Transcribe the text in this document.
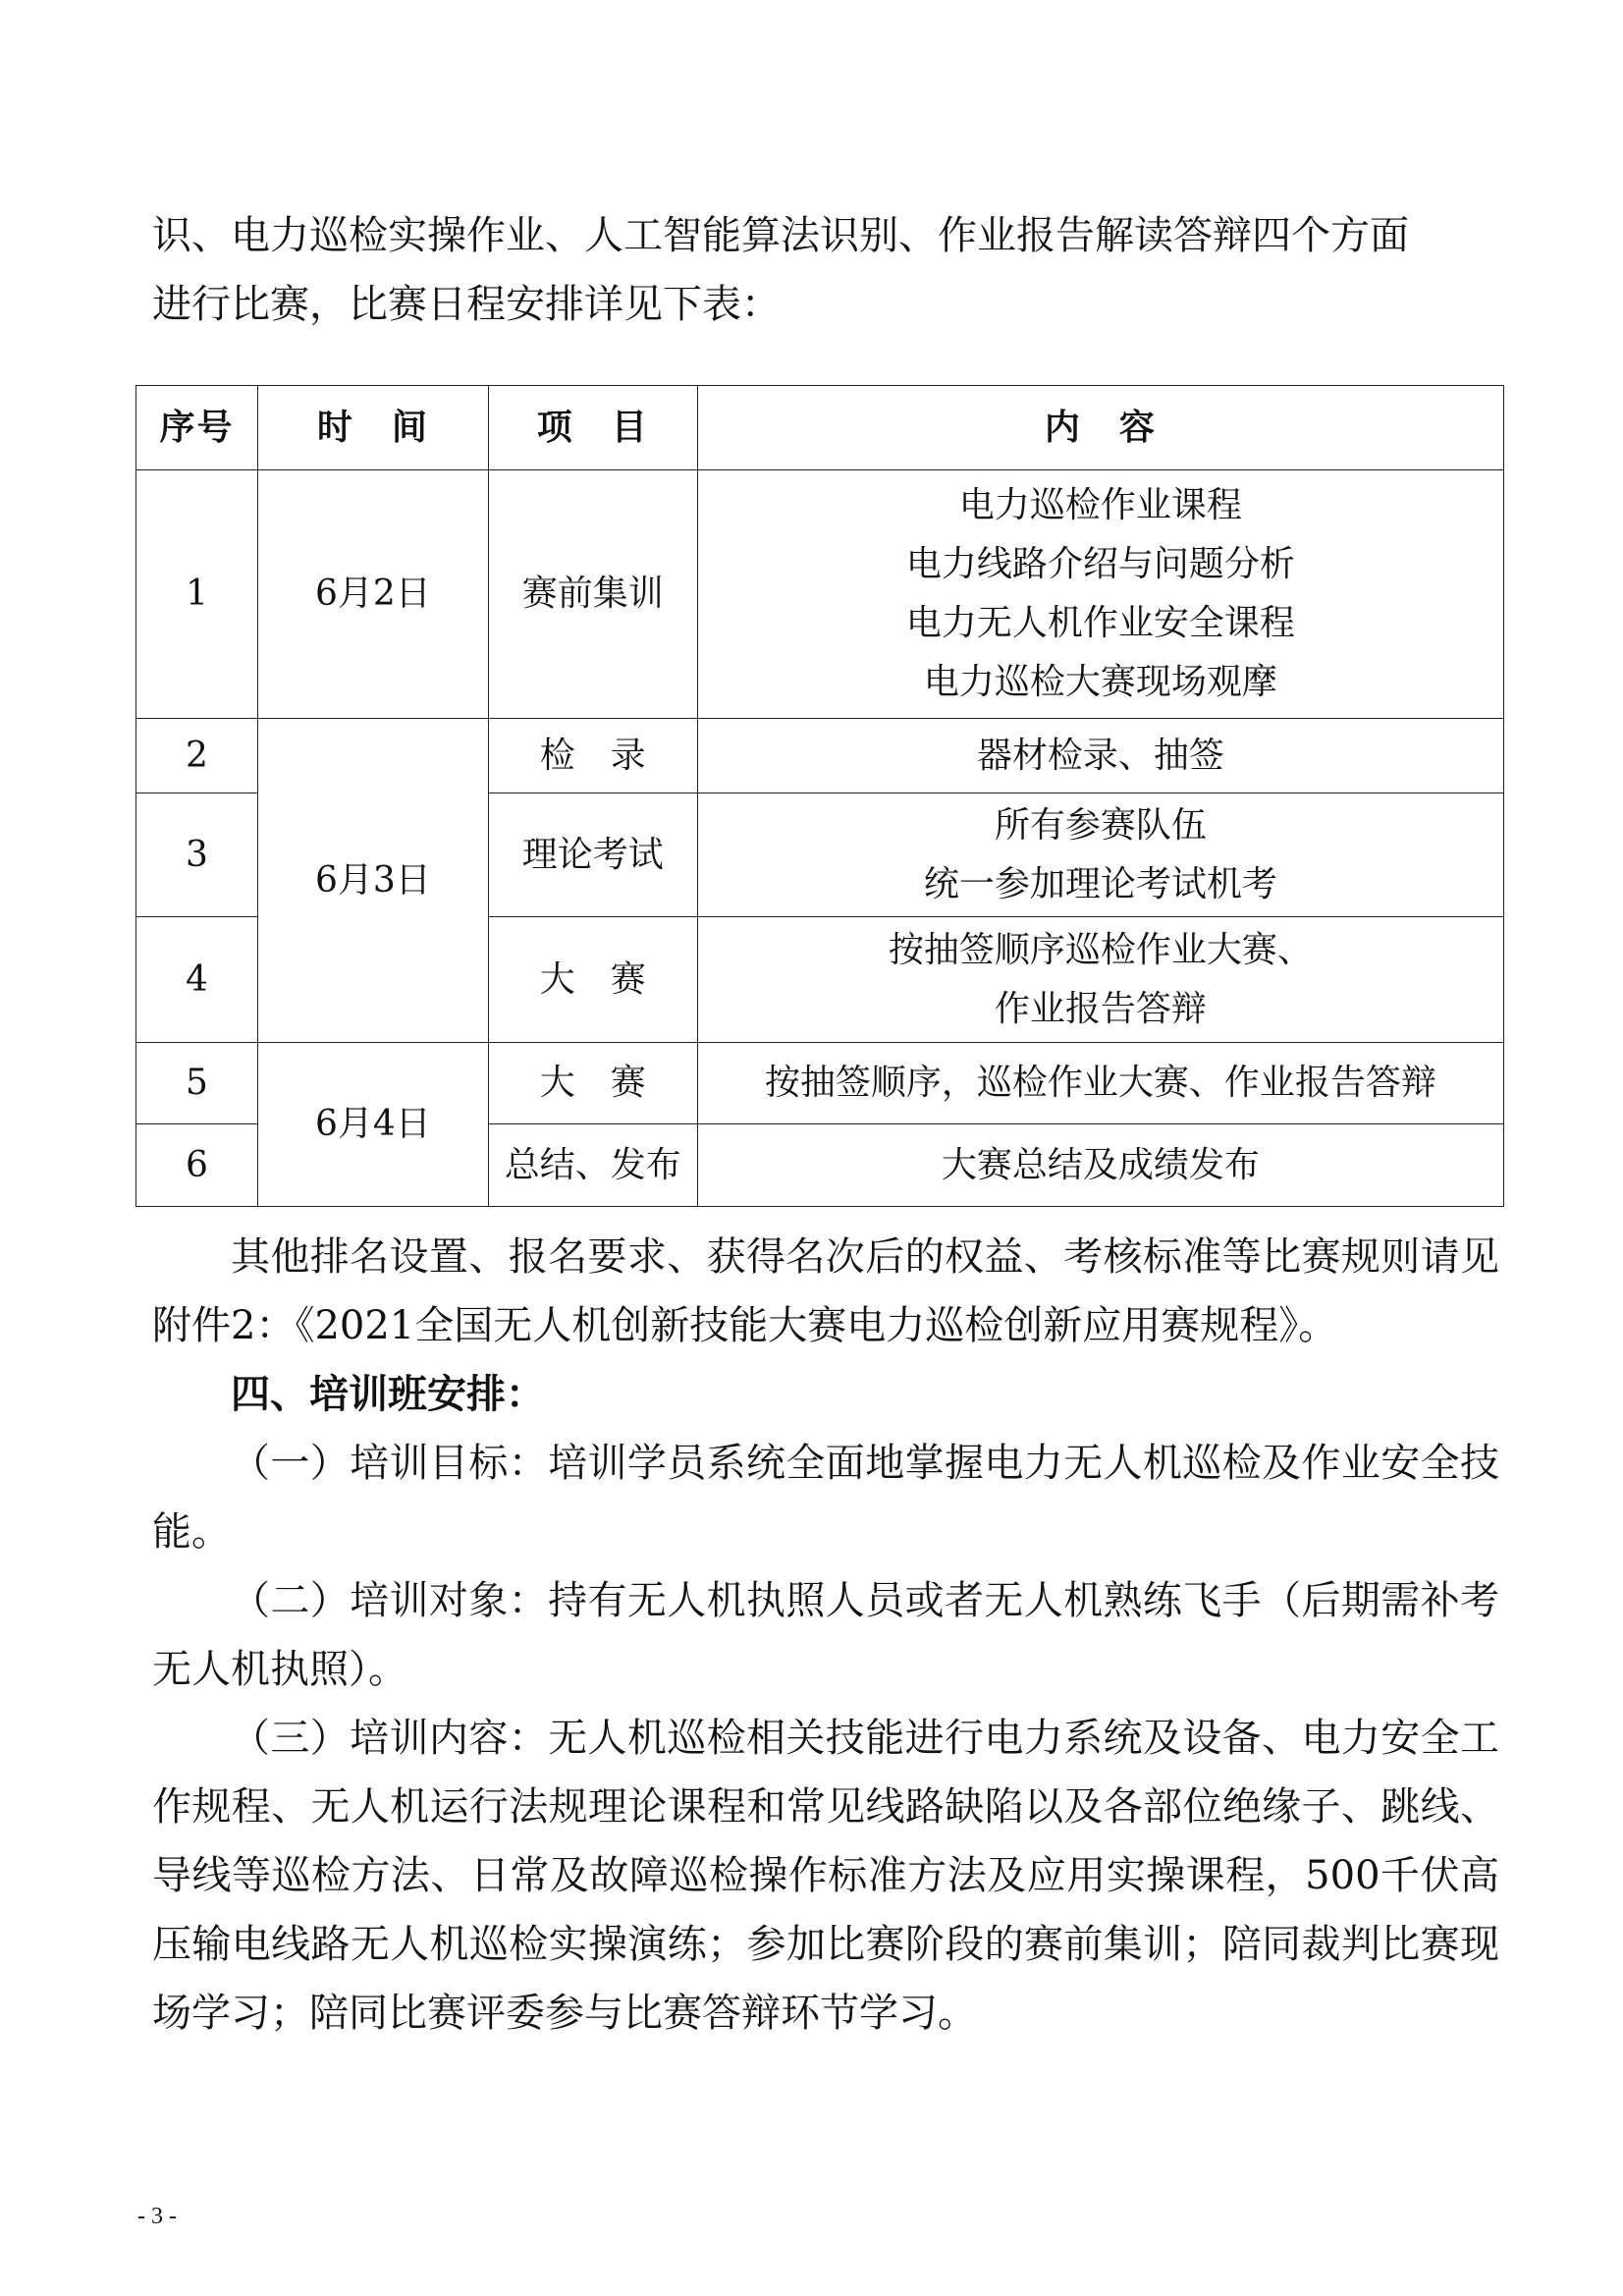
识、电力巡检实操作业、人工智能算法识别、作业报告解读答辩四个方面
进行比赛，比赛日程安排详见下表：
序号	时　间	项　目	内　容
1	6月2日	赛前集训	电力巡检作业课程
电力线路介绍与问题分析
电力无人机作业安全课程
电力巡检大赛现场观摩

2	6月3日	检　录	器材检录、抽签

3		理论考试	所有参赛队伍
统一参加理论考试机考

4		大　赛	按抽签顺序巡检作业大赛、
作业报告答辩

5	6月4日	大　赛	按抽签顺序，巡检作业大赛、作业报告答辩

6		总结、发布	大赛总结及成绩发布

其他排名设置、报名要求、获得名次后的权益、考核标准等比赛规则请见附件2：《2021全国无人机创新技能大赛电力巡检创新应用赛规程》。

四、培训班安排：

（一）培训目标：培训学员系统全面地掌握电力无人机巡检及作业安全技能。

（二）培训对象：持有无人机执照人员或者无人机熟练飞手（后期需补考无人机执照）。

（三）培训内容：无人机巡检相关技能进行电力系统及设备、电力安全工作规程、无人机运行法规理论课程和常见线路缺陷以及各部位绝缘子、跳线、导线等巡检方法、日常及故障巡检操作标准方法及应用实操课程，500千伏高压输电线路无人机巡检实操演练；参加比赛阶段的赛前集训；陪同裁判比赛现场学习；陪同比赛评委参与比赛答辩环节学习。

- 3 -
